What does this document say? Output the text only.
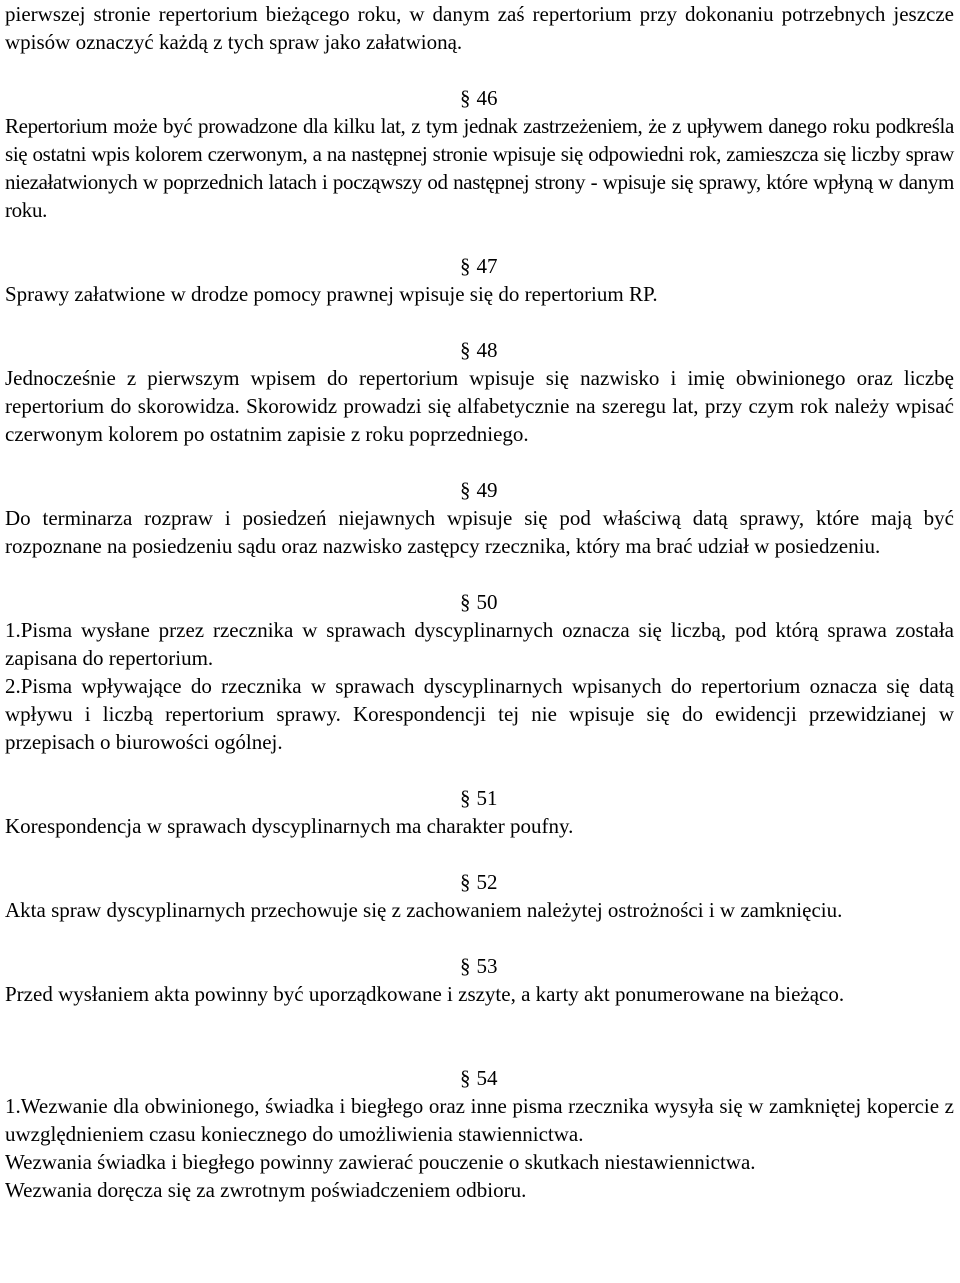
pierwszej stronie repertorium bieżącego roku, w danym zaś repertorium przy dokonaniu potrzebnych jeszcze wpisów oznaczyć każdą z tych spraw jako załatwioną.

§ 46

Repertorium może być prowadzone dla kilku lat, z tym jednak zastrzeżeniem, że z upływem danego roku podkreśla się ostatni wpis kolorem czerwonym, a na następnej stronie wpisuje się odpowiedni rok, zamieszcza się liczby spraw niezałatwionych w poprzednich latach i począwszy od następnej strony - wpisuje się sprawy, które wpłyną w danym roku.

§ 47

Sprawy załatwione w drodze pomocy prawnej wpisuje się do repertorium RP.

§ 48

Jednocześnie z pierwszym wpisem do repertorium wpisuje się nazwisko i imię obwinionego oraz liczbę repertorium do skorowidza. Skorowidz prowadzi się alfabetycznie na szeregu lat, przy czym rok należy wpisać czerwonym kolorem po ostatnim zapisie z roku poprzedniego.

§ 49

Do terminarza rozpraw i posiedzeń niejawnych wpisuje się pod właściwą datą sprawy, które mają być rozpoznane na posiedzeniu sądu oraz nazwisko zastępcy rzecznika, który ma brać udział w posiedzeniu.

§ 50

1.Pisma wysłane przez rzecznika w sprawach dyscyplinarnych oznacza się liczbą, pod którą sprawa została zapisana do repertorium.

2.Pisma wpływające do rzecznika w sprawach dyscyplinarnych wpisanych do repertorium oznacza się datą wpływu i liczbą repertorium sprawy. Korespondencji tej nie wpisuje się do ewidencji przewidzianej w przepisach o biurowości ogólnej.

§ 51

Korespondencja w sprawach dyscyplinarnych ma charakter poufny.

§ 52

Akta spraw dyscyplinarnych przechowuje się z zachowaniem należytej ostrożności i w zamknięciu.

§ 53

Przed wysłaniem akta powinny być uporządkowane i zszyte, a karty akt ponumerowane na bieżąco.

§ 54

1.Wezwanie dla obwinionego, świadka i biegłego oraz inne pisma rzecznika wysyła się w zamkniętej kopercie z uwzględnieniem czasu koniecznego do umożliwienia stawiennictwa.

Wezwania świadka i biegłego powinny zawierać pouczenie o skutkach niestawiennictwa.

Wezwania doręcza się za zwrotnym poświadczeniem odbioru.
